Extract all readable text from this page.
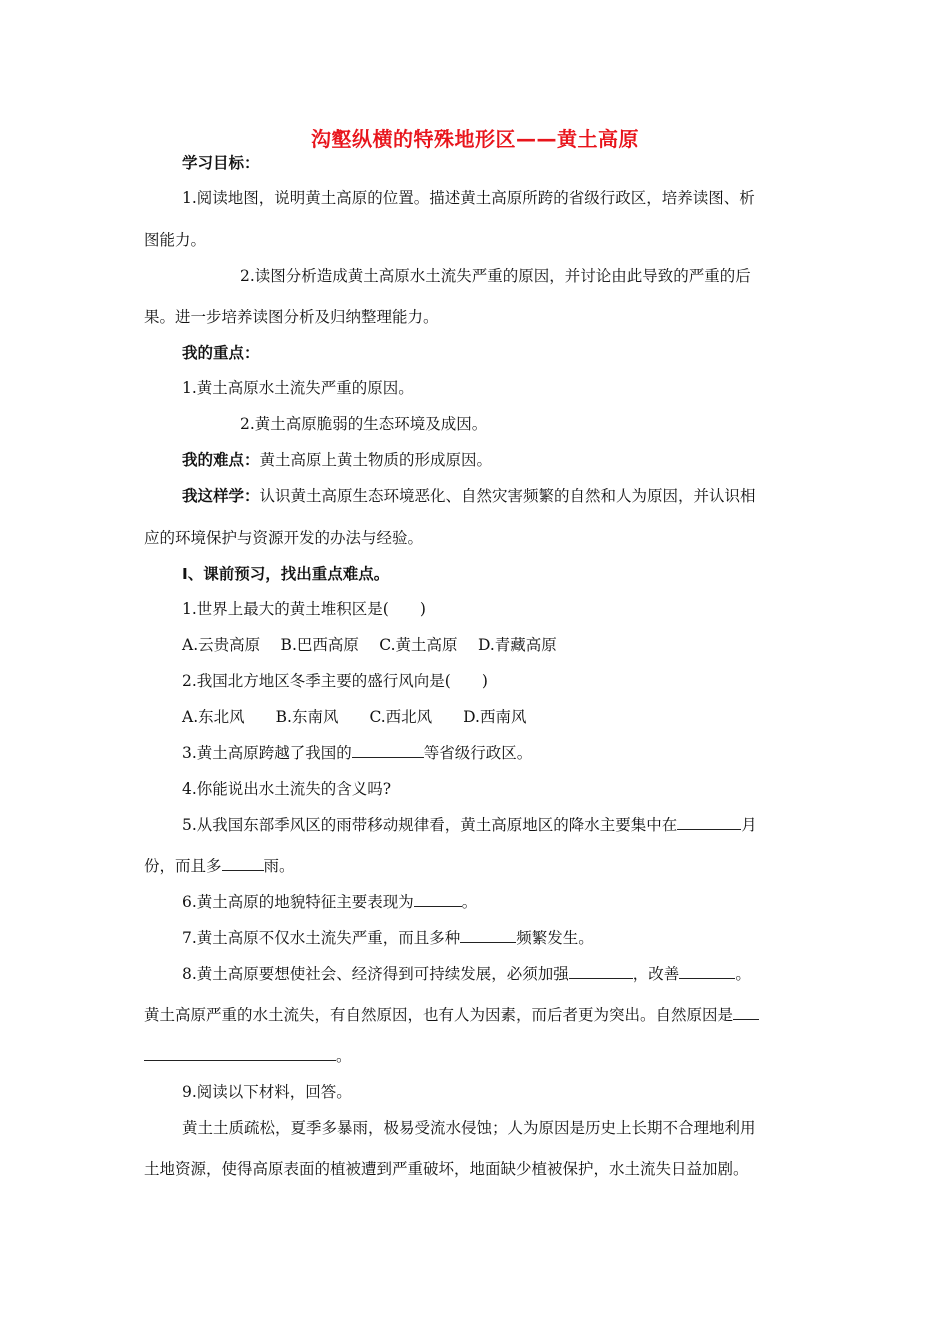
沟壑纵横的特殊地形区——黄土高原
学习目标：
1.阅读地图，说明黄土高原的位置。描述黄土高原所跨的省级行政区，培养读图、析
图能力。
2.读图分析造成黄土高原水土流失严重的原因，并讨论由此导致的严重的后
果。进一步培养读图分析及归纳整理能力。
我的重点：
1.黄土高原水土流失严重的原因。
2.黄土高原脆弱的生态环境及成因。
我的难点：黄土高原上黄土物质的形成原因。
我这样学：认识黄土高原生态环境恶化、自然灾害频繁的自然和人为原因，并认识相
应的环境保护与资源开发的办法与经验。
Ⅰ、课前预习，找出重点难点。
1.世界上最大的黄土堆积区是(　　)
A.云贵高原　 B.巴西高原　 C.黄土高原　 D.青藏高原
2.我国北方地区冬季主要的盛行风向是(　　)
A.东北风　　B.东南风　　C.西北风　　D.西南风
3.黄土高原跨越了我国的	等省级行政区。
4.你能说出水土流失的含义吗?
5.从我国东部季风区的雨带移动规律看，黄土高原地区的降水主要集中在	月
份，而且多	雨。
6.黄土高原的地貌特征主要表现为	。
7.黄土高原不仅水土流失严重，而且多种	频繁发生。
8.黄土高原要想使社会、经济得到可持续发展，必须加强	，改善	。
黄土高原严重的水土流失，有自然原因，也有人为因素，而后者更为突出。自然原因是
。
9.阅读以下材料，回答。
黄土土质疏松，夏季多暴雨，极易受流水侵蚀；人为原因是历史上长期不合理地利用
土地资源，使得高原表面的植被遭到严重破坏，地面缺少植被保护，水土流失日益加剧。
